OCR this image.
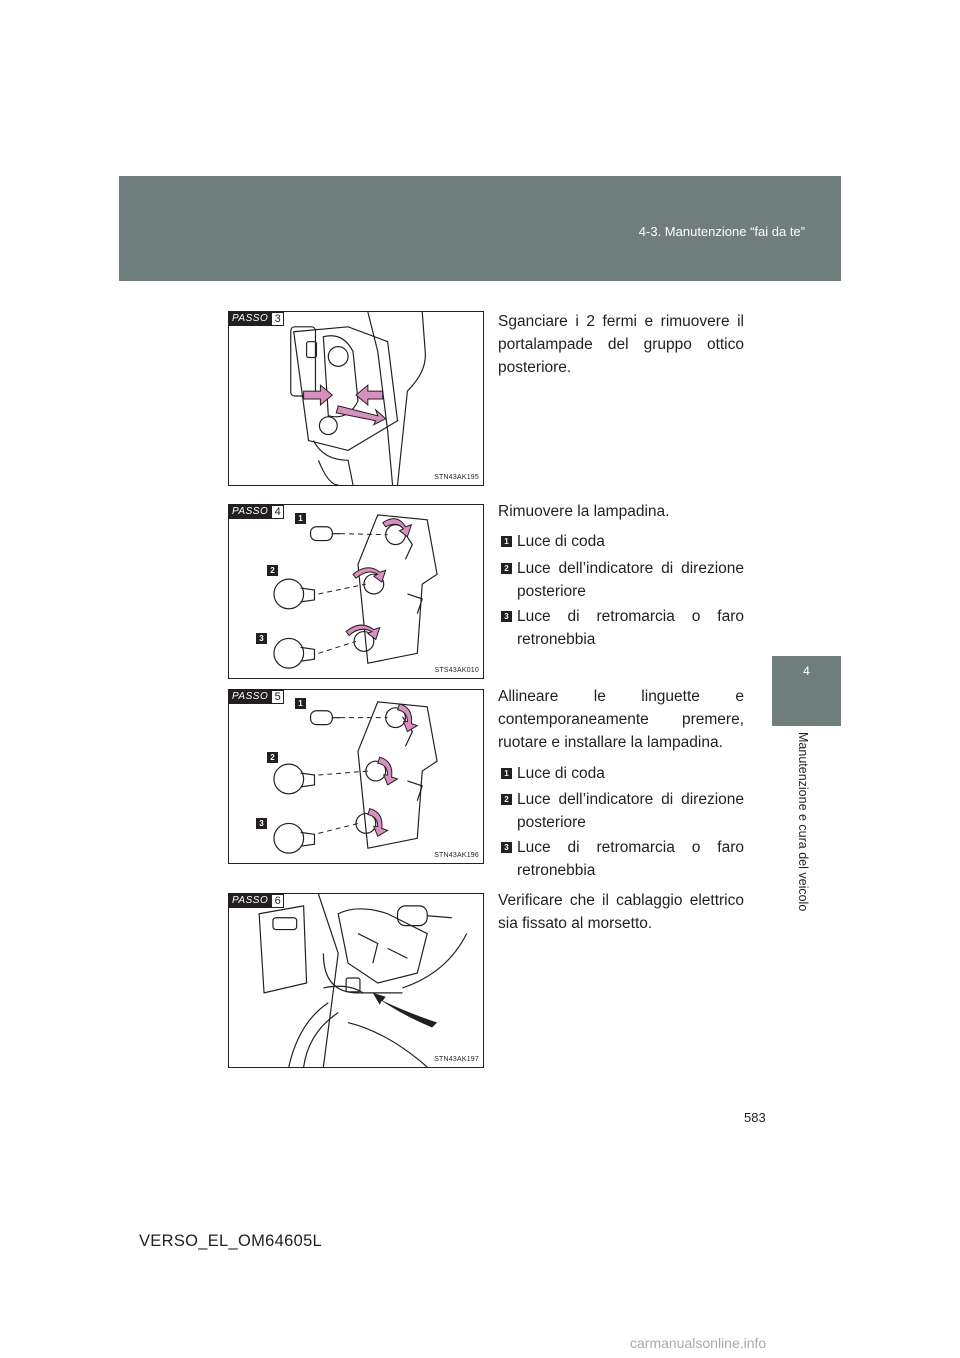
4-3. Manutenzione “fai da te”
4
Manutenzione e cura del veicolo
PASSO 3
STN43AK195
Sganciare i 2 fermi e rimuovere il portalampade del gruppo ottico posteriore.
PASSO 4
1
2
3
STS43AK010
Rimuovere la lampadina.
1 Luce di coda
2 Luce dell’indicatore di direzione posteriore
3 Luce di retromarcia o faro retronebbia
PASSO 5
1
2
3
STN43AK196
Allineare le linguette e contemporaneamente premere, ruotare e installare la lampadina.
1 Luce di coda
2 Luce dell’indicatore di direzione posteriore
3 Luce di retromarcia o faro retronebbia
PASSO 6
STN43AK197
Verificare che il cablaggio elettrico sia fissato al morsetto.
583
VERSO_EL_OM64605L
carmanualsonline.info
